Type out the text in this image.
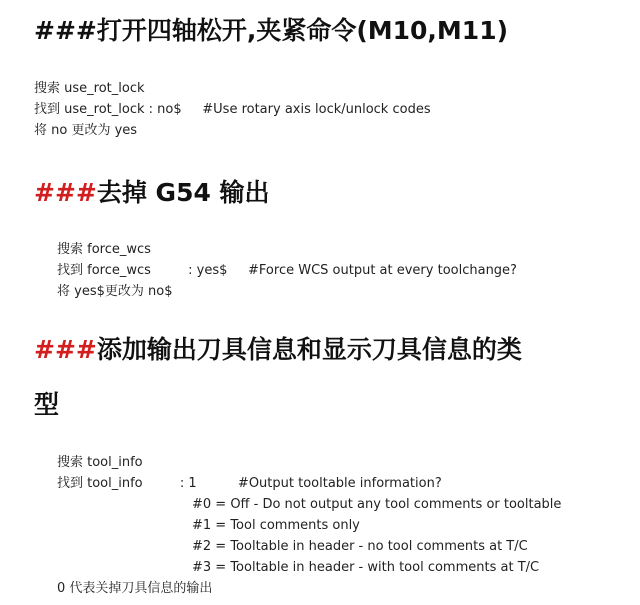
###打开四轴松开,夹紧命令(M10,M11)
搜索 use_rot_lock
找到 use_rot_lock : no$     #Use rotary axis lock/unlock codes
将 no 更改为 yes
###去掉 G54 输出
搜索 force_wcs
找到 force_wcs         : yes$     #Force WCS output at every toolchange?
将 yes$更改为 no$
###添加输出刀具信息和显示刀具信息的类
型
搜索 tool_info
找到 tool_info         : 1          #Output tooltable information?
#0 = Off - Do not output any tool comments or tooltable
#1 = Tool comments only
#2 = Tooltable in header - no tool comments at T/C
#3 = Tooltable in header - with tool comments at T/C
0 代表关掉刀具信息的输出
